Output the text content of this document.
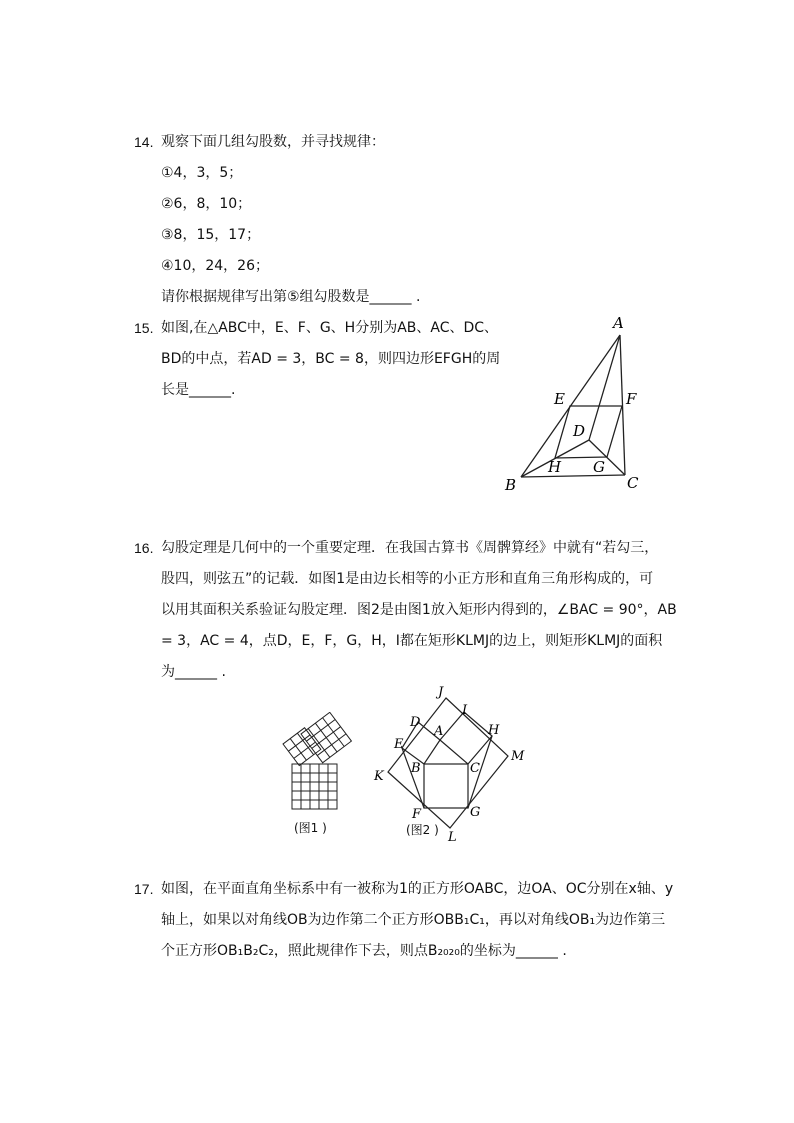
14. 观察下面几组勾股数，并寻找规律：
①4，3，5；
②6，8，10；
③8，15，17；
④10，24，26；
请你根据规律写出第⑤组勾股数是______ .
15. 如图,在△ABC中，E、F、G、H分别为AB、AC、DC、
BD的中点，若AD = 3，BC = 8，则四边形EFGH的周
长是______.
A
E	F
D
H G
B	C
16. 勾股定理是几何中的一个重要定理．在我国古算书《周髀算经》中就有“若勾三，
股四，则弦五”的记载．如图1是由边长相等的小正方形和直角三角形构成的，可
以用其面积关系验证勾股定理．图2是由图1放入矩形内得到的，∠BAC = 90°，AB
= 3，AC = 4，点D，E，F，G，H，I都在矩形KLMJ的边上，则矩形KLMJ的面积
为______ .
(图1 )
J
I
D
A	H
M
E
B	C
K
F	G
L
(图2 )
17. 如图，在平面直角坐标系中有一被称为1的正方形OABC，边OA、OC分别在x轴、y
轴上，如果以对角线OB为边作第二个正方形OBB₁C₁，再以对角线OB₁为边作第三
个正方形OB₁B₂C₂，照此规律作下去，则点B₂₀₂₀的坐标为______ .
